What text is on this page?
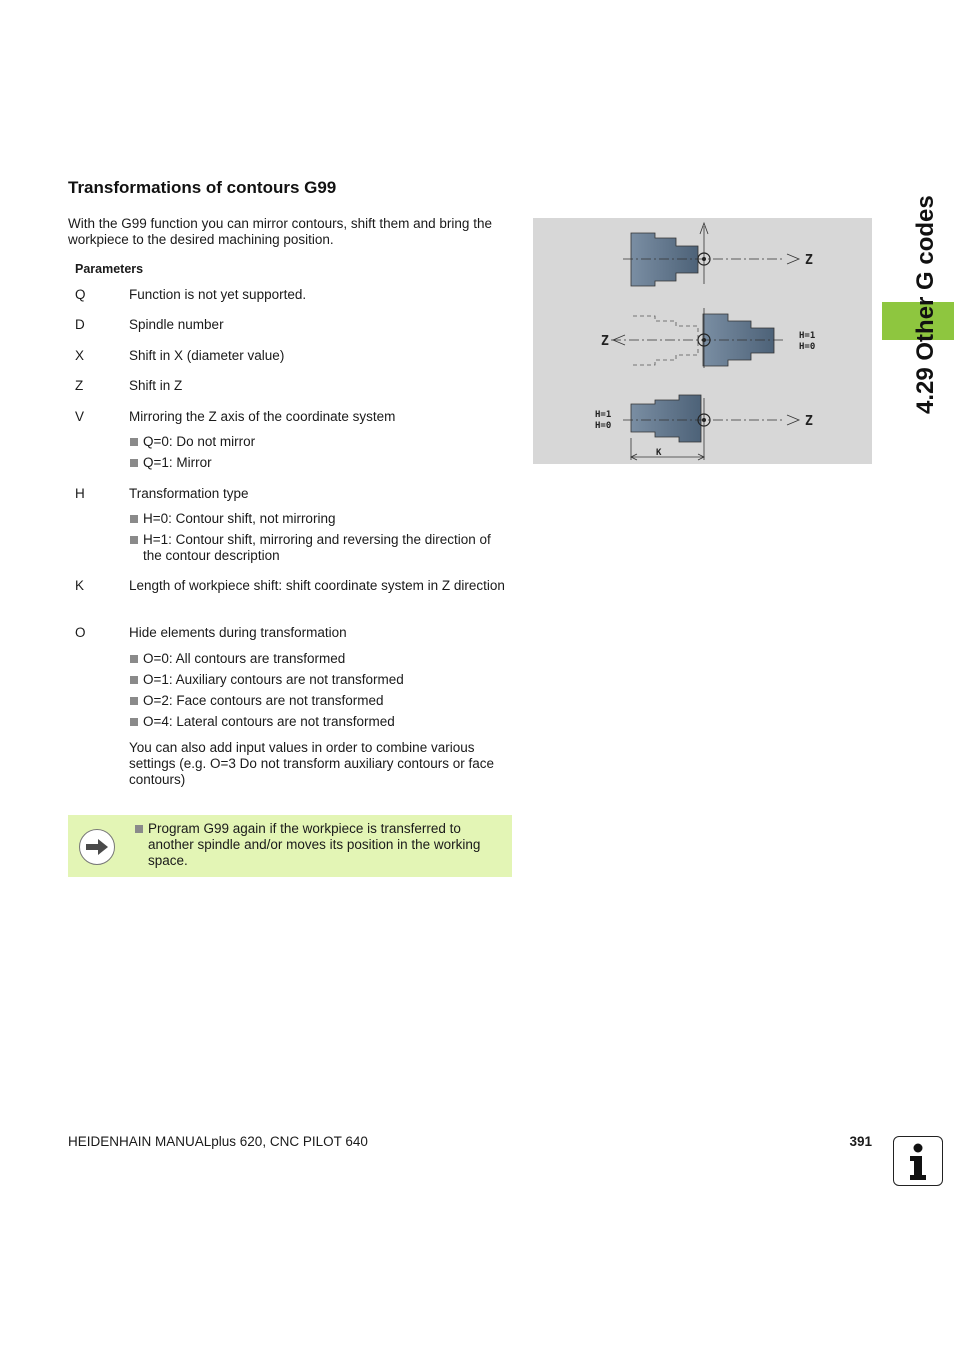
Transformations of contours G99

With the G99 function you can mirror contours, shift them and bring the workpiece to the desired machining position.

Parameters
Q	Function is not yet supported.
D	Spindle number
X	Shift in X (diameter value)
Z	Shift in Z
V	Mirroring the Z axis of the coordinate system
Q=0: Do not mirror
Q=1: Mirror
H	Transformation type
H=0: Contour shift, not mirroring
H=1: Contour shift, mirroring and reversing the direction of the contour description
K	Length of workpiece shift: shift coordinate system in Z direction
O	Hide elements during transformation
O=0: All contours are transformed
O=1: Auxiliary contours are not transformed
O=2: Face contours are not transformed
O=4: Lateral contours are not transformed
You can also add input values in order to combine various settings (e.g. O=3 Do not transform auxiliary contours or face contours)
Program G99 again if the workpiece is transferred to another spindle and/or moves its position in the working space.
Z
Z	H=1
H=0
Z
H=1
H=0
K
4.29 Other G codes
HEIDENHAIN MANUALplus 620, CNC PILOT 640	391
